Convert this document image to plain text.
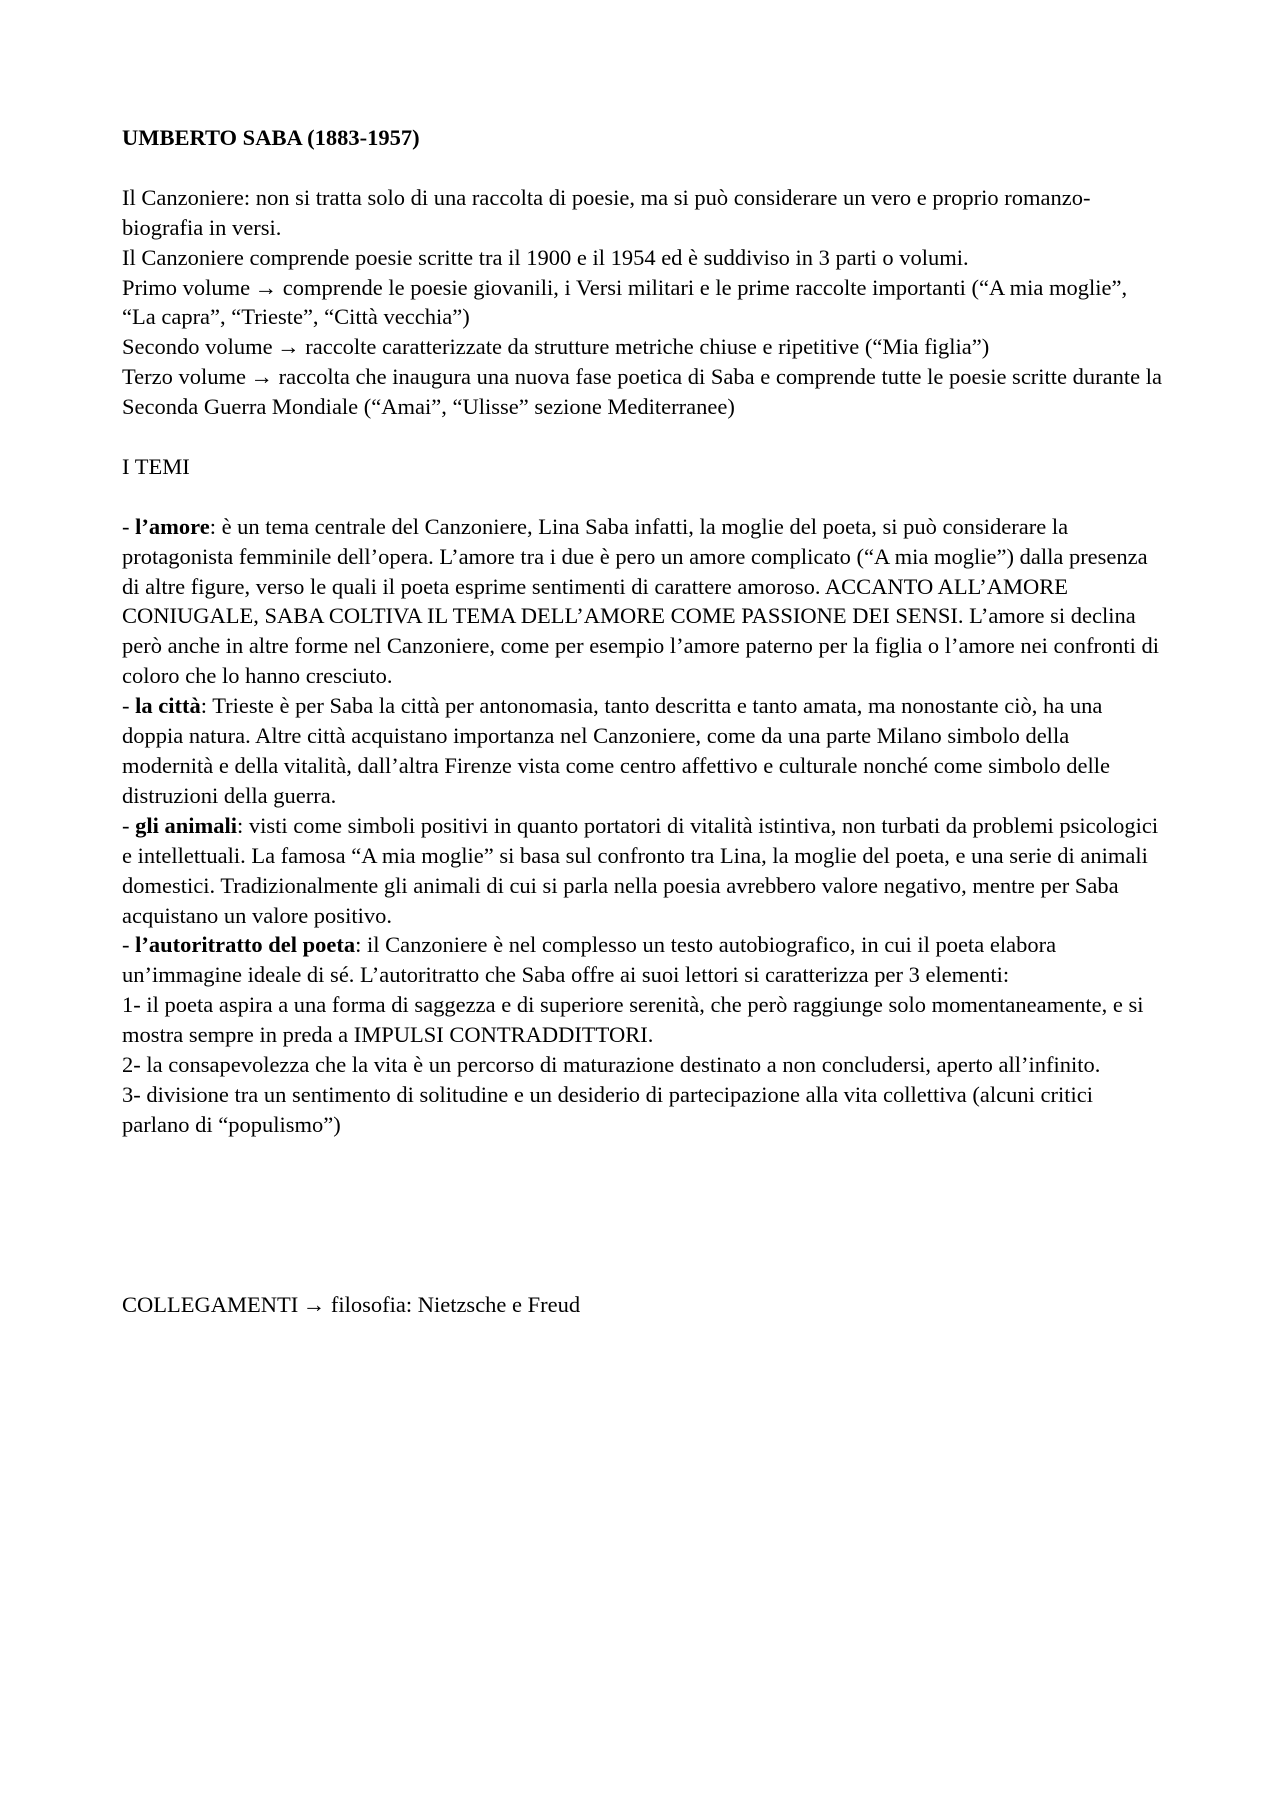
UMBERTO SABA (1883-1957)

Il Canzoniere: non si tratta solo di una raccolta di poesie, ma si può considerare un vero e proprio romanzo-biografia in versi.

Il Canzoniere comprende poesie scritte tra il 1900 e il 1954 ed è suddiviso in 3 parti o volumi.

Primo volume → comprende le poesie giovanili, i Versi militari e le prime raccolte importanti (“A mia moglie”, “La capra”, “Trieste”, “Città vecchia”)

Secondo volume → raccolte caratterizzate da strutture metriche chiuse e ripetitive (“Mia figlia”)

Terzo volume → raccolta che inaugura una nuova fase poetica di Saba e comprende tutte le poesie scritte durante la Seconda Guerra Mondiale (“Amai”, “Ulisse” sezione Mediterranee)

I TEMI

- l’amore: è un tema centrale del Canzoniere, Lina Saba infatti, la moglie del poeta, si può considerare la protagonista femminile dell’opera. L’amore tra i due è pero un amore complicato (“A mia moglie”) dalla presenza di altre figure, verso le quali il poeta esprime sentimenti di carattere amoroso. ACCANTO ALL’AMORE CONIUGALE, SABA COLTIVA IL TEMA DELL’AMORE COME PASSIONE DEI SENSI. L’amore si declina però anche in altre forme nel Canzoniere, come per esempio l’amore paterno per la figlia o l’amore nei confronti di coloro che lo hanno cresciuto.

- la città: Trieste è per Saba la città per antonomasia, tanto descritta e tanto amata, ma nonostante ciò, ha una doppia natura. Altre città acquistano importanza nel Canzoniere, come da una parte Milano simbolo della modernità e della vitalità, dall’altra Firenze vista come centro affettivo e culturale nonché come simbolo delle distruzioni della guerra.

- gli animali: visti come simboli positivi in quanto portatori di vitalità istintiva, non turbati da problemi psicologici e intellettuali. La famosa “A mia moglie” si basa sul confronto tra Lina, la moglie del poeta, e una serie di animali domestici. Tradizionalmente gli animali di cui si parla nella poesia avrebbero valore negativo, mentre per Saba acquistano un valore positivo.

- l’autoritratto del poeta: il Canzoniere è nel complesso un testo autobiografico, in cui il poeta elabora un’immagine ideale di sé. L’autoritratto che Saba offre ai suoi lettori si caratterizza per 3 elementi:

1- il poeta aspira a una forma di saggezza e di superiore serenità, che però raggiunge solo momentaneamente, e si mostra sempre in preda a IMPULSI CONTRADDITTORI.

2- la consapevolezza che la vita è un percorso di maturazione destinato a non concludersi, aperto all’infinito.

3- divisione tra un sentimento di solitudine e un desiderio di partecipazione alla vita collettiva (alcuni critici parlano di “populismo”)

COLLEGAMENTI → filosofia: Nietzsche e Freud
